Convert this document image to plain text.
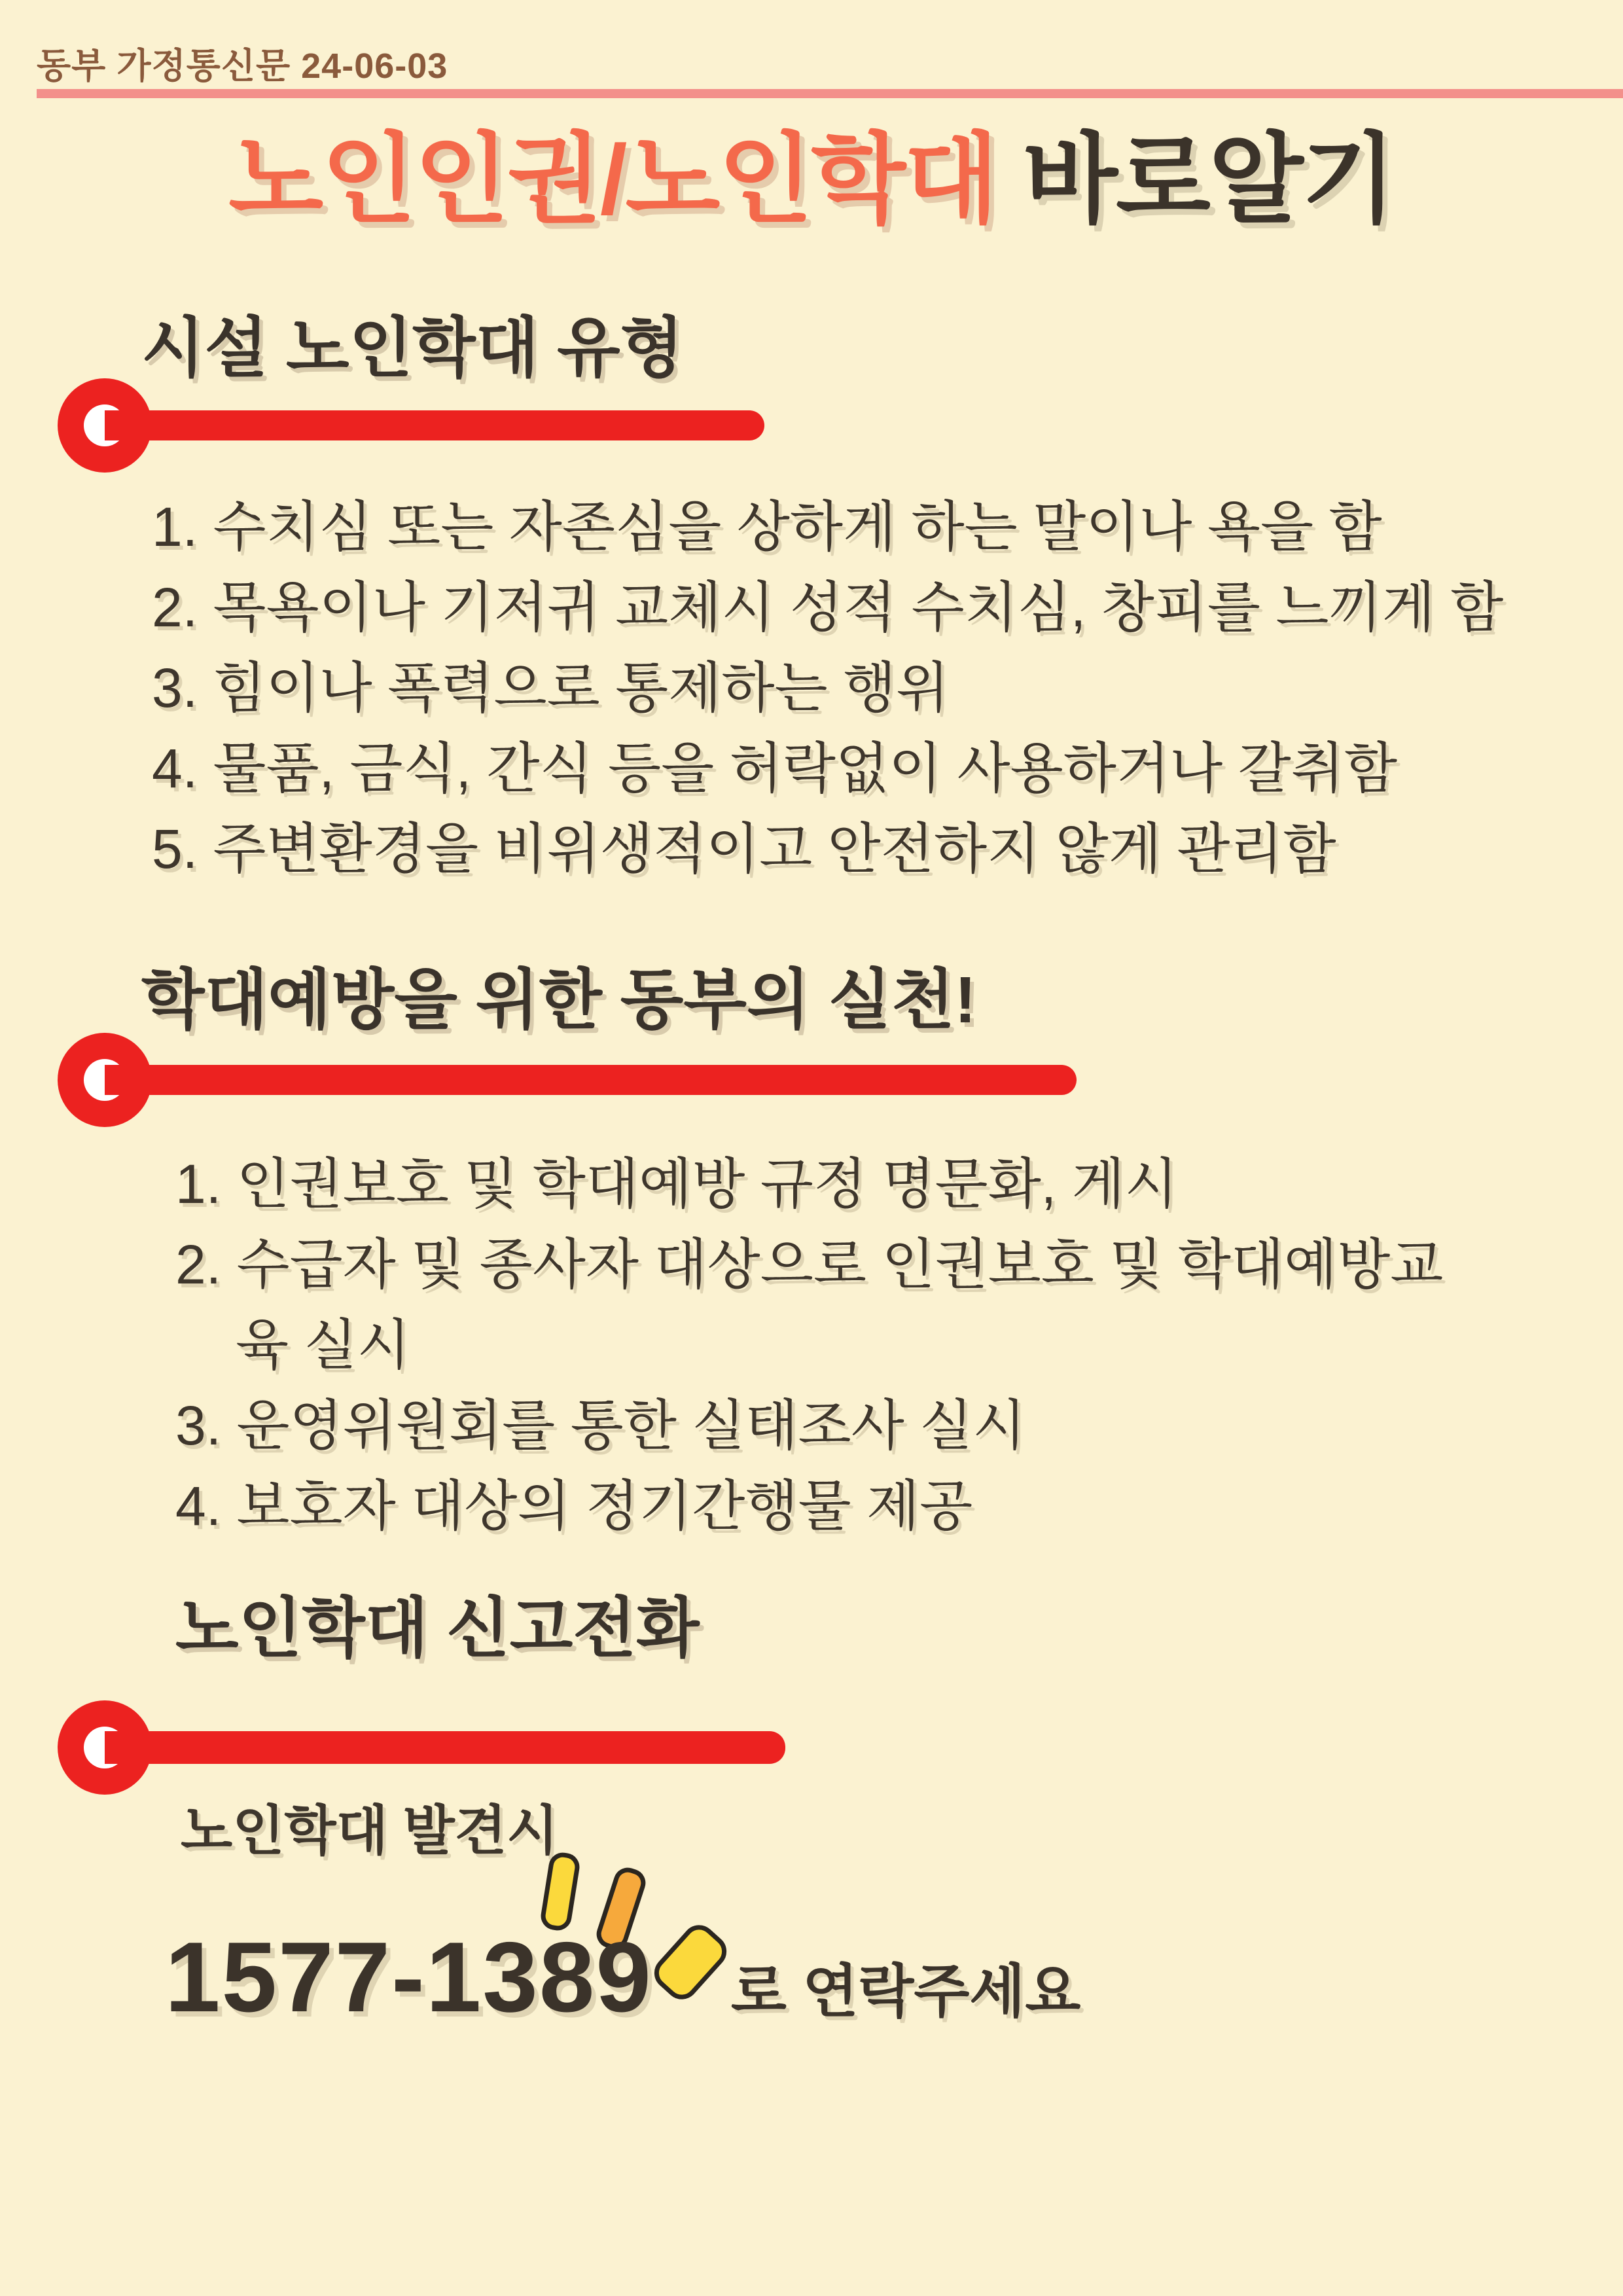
동부 가정통신문 24-06-03
노인인권/노인학대 바로알기
시설 노인학대 유형
1. 수치심 또는 자존심을 상하게 하는 말이나 욕을 함
2. 목욕이나 기저귀 교체시 성적 수치심, 창피를 느끼게 함
3. 힘이나 폭력으로 통제하는 행위
4. 물품, 금식, 간식 등을 허락없이 사용하거나 갈취함
5. 주변환경을 비위생적이고 안전하지 않게 관리함
학대예방을 위한 동부의 실천!
1. 인권보호 및 학대예방 규정 명문화, 게시
2. 수급자 및 종사자 대상으로 인권보호 및 학대예방교육 실시
3. 운영위원회를 통한 실태조사 실시
4. 보호자 대상의 정기간행물 제공
노인학대 신고전화
노인학대 발견시
1577-1389 로 연락주세요
